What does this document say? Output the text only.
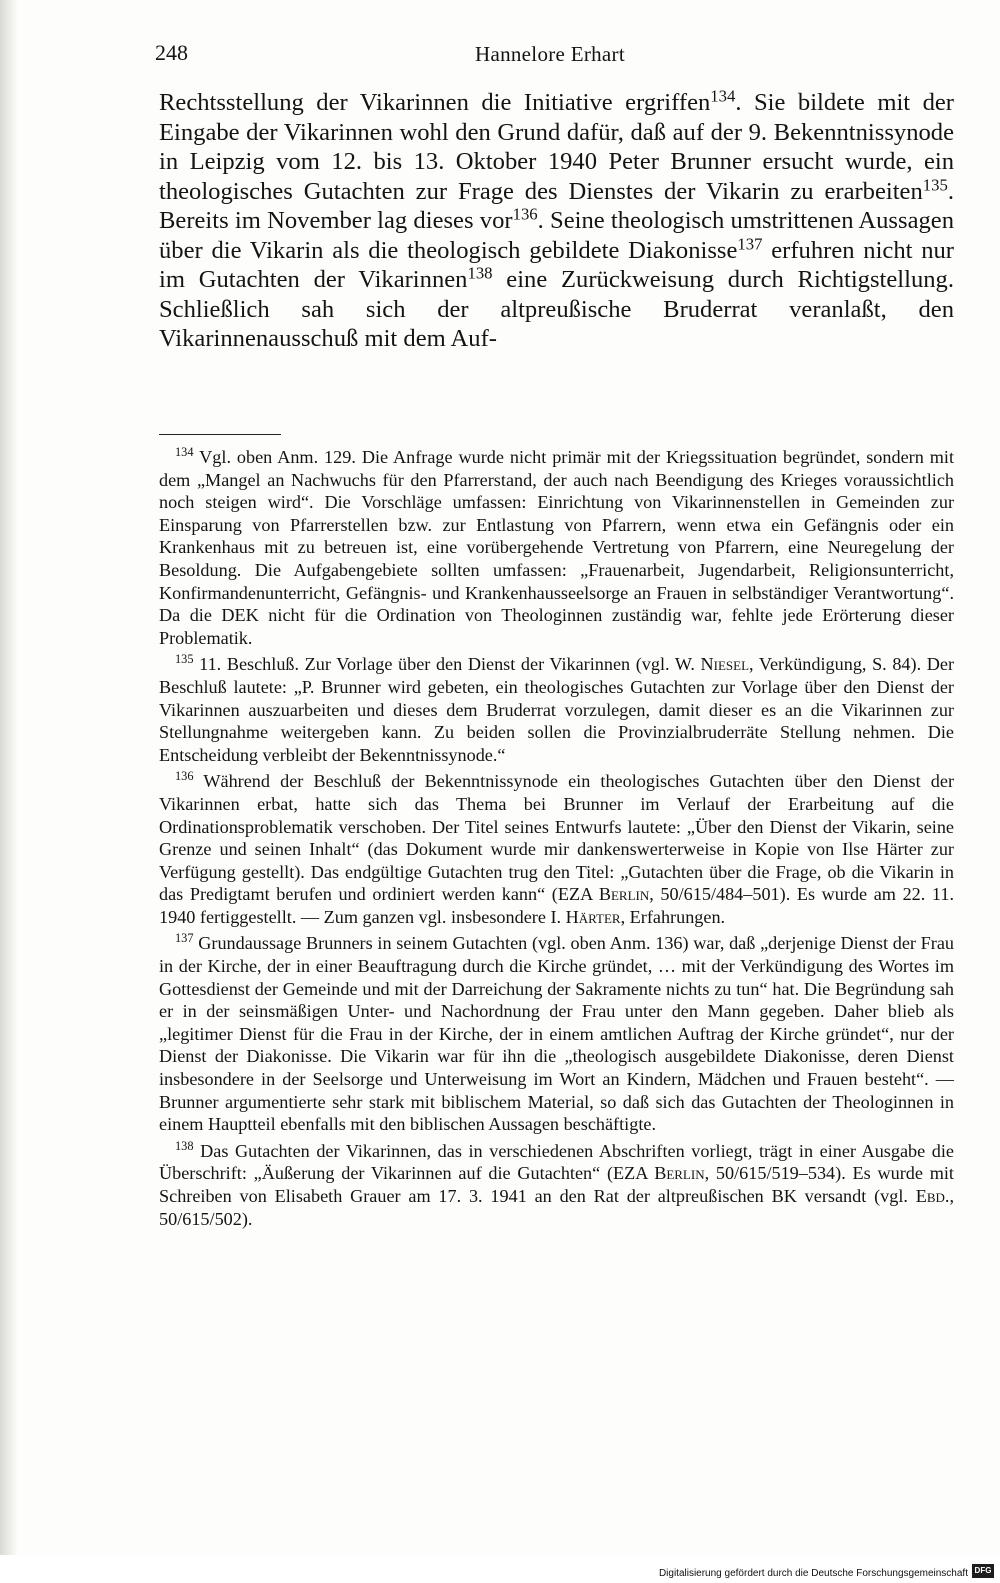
248	Hannelore Erhart

Rechtsstellung der Vikarinnen die Initiative ergriffen$^{134}$. Sie bildete mit der Eingabe der Vikarinnen wohl den Grund dafür, daß auf der 9. Bekenntnissynode in Leipzig vom 12. bis 13. Oktober 1940 Peter Brunner ersucht wurde, ein theologisches Gutachten zur Frage des Dienstes der Vikarin zu erarbeiten$^{135}$. Bereits im November lag dieses vor$^{136}$. Seine theologisch umstrittenen Aussagen über die Vikarin als die theologisch gebildete Diakonisse$^{137}$ erfuhren nicht nur im Gutachten der Vikarinnen$^{138}$ eine Zurückweisung durch Richtigstellung. Schließlich sah sich der altpreußische Bruderrat veranlaßt, den Vikarinnenausschuß mit dem Auf-

$^{134}$ Vgl. oben Anm. 129. Die Anfrage wurde nicht primär mit der Kriegssituation begründet, sondern mit dem „Mangel an Nachwuchs für den Pfarrerstand, der auch nach Beendigung des Krieges voraussichtlich noch steigen wird“. Die Vorschläge umfassen: Einrichtung von Vikarinnenstellen in Gemeinden zur Einsparung von Pfarrerstellen bzw. zur Entlastung von Pfarrern, wenn etwa ein Gefängnis oder ein Krankenhaus mit zu betreuen ist, eine vorübergehende Vertretung von Pfarrern, eine Neuregelung der Besoldung. Die Aufgabengebiete sollten umfassen: „Frauenarbeit, Jugendarbeit, Religionsunterricht, Konfirmandenunterricht, Gefängnis- und Krankenhausseelsorge an Frauen in selbständiger Verantwortung“. Da die DEK nicht für die Ordination von Theologinnen zuständig war, fehlte jede Erörterung dieser Problematik.

$^{135}$ 11. Beschluß. Zur Vorlage über den Dienst der Vikarinnen (vgl. W. Niesel, Verkündigung, S. 84). Der Beschluß lautete: „P. Brunner wird gebeten, ein theologisches Gutachten zur Vorlage über den Dienst der Vikarinnen auszuarbeiten und dieses dem Bruderrat vorzulegen, damit dieser es an die Vikarinnen zur Stellungnahme weitergeben kann. Zu beiden sollen die Provinzialbruderräte Stellung nehmen. Die Entscheidung verbleibt der Bekenntnissynode.“

$^{136}$ Während der Beschluß der Bekenntnissynode ein theologisches Gutachten über den Dienst der Vikarinnen erbat, hatte sich das Thema bei Brunner im Verlauf der Erarbeitung auf die Ordinationsproblematik verschoben. Der Titel seines Entwurfs lautete: „Über den Dienst der Vikarin, seine Grenze und seinen Inhalt“ (das Dokument wurde mir dankenswerterweise in Kopie von Ilse Härter zur Verfügung gestellt). Das endgültige Gutachten trug den Titel: „Gutachten über die Frage, ob die Vikarin in das Predigtamt berufen und ordiniert werden kann“ (EZA Berlin, 50/615/484–501). Es wurde am 22. 11. 1940 fertiggestellt. — Zum ganzen vgl. insbesondere I. Härter, Erfahrungen.

$^{137}$ Grundaussage Brunners in seinem Gutachten (vgl. oben Anm. 136) war, daß „derjenige Dienst der Frau in der Kirche, der in einer Beauftragung durch die Kirche gründet, … mit der Verkündigung des Wortes im Gottesdienst der Gemeinde und mit der Darreichung der Sakramente nichts zu tun“ hat. Die Begründung sah er in der seinsmäßigen Unter- und Nachordnung der Frau unter den Mann gegeben. Daher blieb als „legitimer Dienst für die Frau in der Kirche, der in einem amtlichen Auftrag der Kirche gründet“, nur der Dienst der Diakonisse. Die Vikarin war für ihn die „theologisch ausgebildete Diakonisse, deren Dienst insbesondere in der Seelsorge und Unterweisung im Wort an Kindern, Mädchen und Frauen besteht“. — Brunner argumentierte sehr stark mit biblischem Material, so daß sich das Gutachten der Theologinnen in einem Hauptteil ebenfalls mit den biblischen Aussagen beschäftigte.

$^{138}$ Das Gutachten der Vikarinnen, das in verschiedenen Abschriften vorliegt, trägt in einer Ausgabe die Überschrift: „Äußerung der Vikarinnen auf die Gutachten“ (EZA Berlin, 50/615/519–534). Es wurde mit Schreiben von Elisabeth Grauer am 17. 3. 1941 an den Rat der altpreußischen BK versandt (vgl. Ebd., 50/615/502).

Digitalisierung gefördert durch die Deutsche Forschungsgemeinschaft DFG
